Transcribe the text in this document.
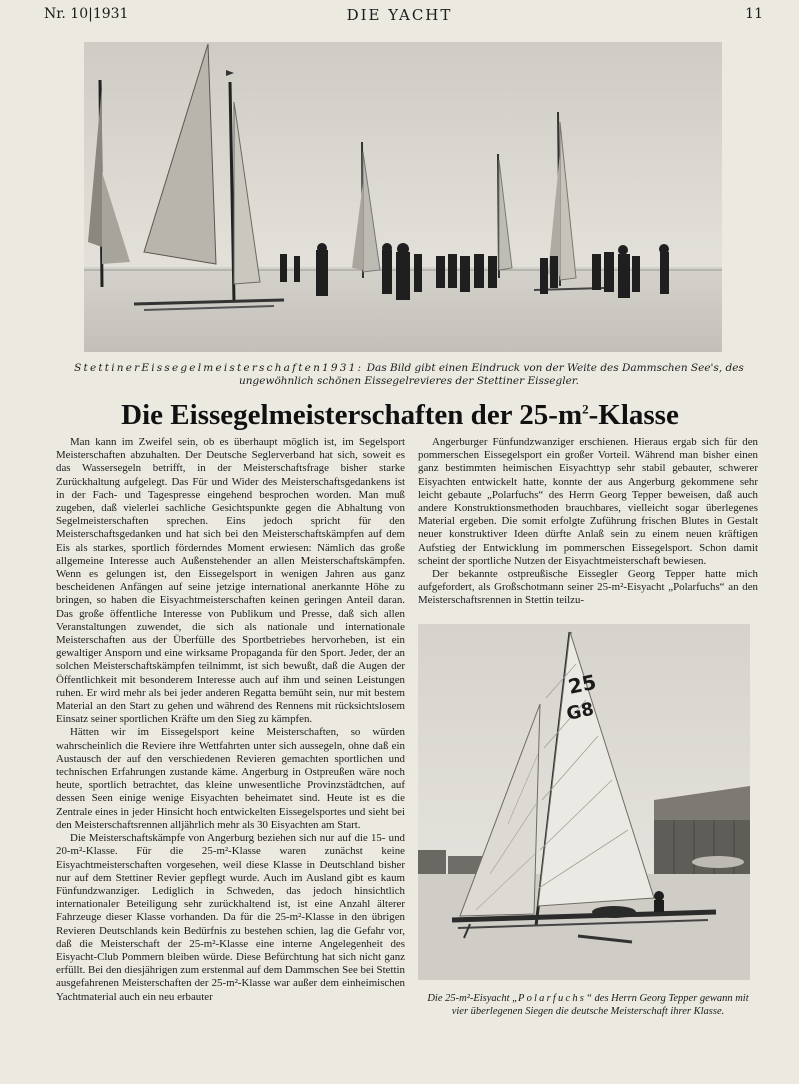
Nr. 10|1931	DIE YACHT	11
StettinerEissegelmeisterschaften1931: Das Bild gibt einen Eindruck von der Weite des Dammschen See's, des ungewöhnlich schönen Eissegelrevieres der Stettiner Eissegler.
Die Eissegelmeisterschaften der $25-m^2$-Klasse

Man kann im Zweifel sein, ob es überhaupt möglich ist, im Segelsport Meisterschaften abzuhalten. Der Deutsche Seglerverband hat sich, soweit es das Wassersegeln betrifft, in der Meisterschaftsfrage bisher starke Zurückhaltung aufgelegt. Das Für und Wider des Meisterschaftsgedankens ist in der Fach- und Tagespresse eingehend besprochen worden. Man muß zugeben, daß vielerlei sachliche Gesichtspunkte gegen die Abhaltung von Segelmeisterschaften sprechen. Eins jedoch spricht für den Meisterschaftsgedanken und hat sich bei den Meisterschaftskämpfen auf dem Eis als starkes, sportlich förderndes Moment erwiesen: Nämlich das große allgemeine Interesse auch Außenstehender an allen Meisterschaftskämpfen. Wenn es gelungen ist, den Eissegelsport in wenigen Jahren aus ganz bescheidenen Anfängen auf seine jetzige international anerkannte Höhe zu bringen, so haben die Eisyachtmeisterschaften keinen geringen Anteil daran. Das große öffentliche Interesse von Publikum und Presse, daß sich allen Veranstaltungen zuwendet, die sich als nationale und internationale Meisterschaften aus der Überfülle des Sportbetriebes hervorheben, ist ein gewaltiger Ansporn und eine wirksame Propaganda für den Sport. Jeder, der an solchen Meisterschaftskämpfen teilnimmt, ist sich bewußt, daß die Augen der Öffentlichkeit mit besonderem Interesse auch auf ihm und seinen Leistungen ruhen. Er wird mehr als bei jeder anderen Regatta bemüht sein, nur mit bestem Material an den Start zu gehen und während des Rennens mit rücksichtslosem Einsatz seiner sportlichen Kräfte um den Sieg zu kämpfen.

Hätten wir im Eissegelsport keine Meisterschaften, so würden wahrscheinlich die Reviere ihre Wettfahrten unter sich aussegeln, ohne daß ein Austausch der auf den verschiedenen Revieren gemachten sportlichen und technischen Erfahrungen zustande käme. Angerburg in Ostpreußen wäre noch heute, sportlich betrachtet, das kleine unwesentliche Provinzstädtchen, auf dessen Seen einige wenige Eisyachten beheimatet sind. Heute ist es die Zentrale eines in jeder Hinsicht hoch entwickelten Eissegelsportes und sieht bei den Meisterschaftsrennen alljährlich mehr als 30 Eisyachten am Start.

Die Meisterschaftskämpfe von Angerburg beziehen sich nur auf die 15- und 20-m²-Klasse. Für die 25-m²-Klasse waren zunächst keine Eisyachtmeisterschaften vorgesehen, weil diese Klasse in Deutschland bisher nur auf dem Stettiner Revier gepflegt wurde. Auch im Ausland gibt es kaum Fünfundzwanziger. Lediglich in Schweden, das jedoch hinsichtlich internationaler Beteiligung sehr zurückhaltend ist, ist eine Anzahl älterer Fahrzeuge dieser Klasse vorhanden. Da für die 25-m²-Klasse in den übrigen Revieren Deutschlands kein Bedürfnis zu bestehen schien, lag die Gefahr vor, daß die Meisterschaft der 25-m²-Klasse eine interne Angelegenheit des Eisyacht-Club Pommern bleiben würde. Diese Befürchtung hat sich nicht ganz erfüllt. Bei den diesjährigen zum erstenmal auf dem Dammschen See bei Stettin ausgefahrenen Meisterschaften der 25-m²-Klasse war außer dem einheimischen Yachtmaterial auch ein neu erbauter

Angerburger Fünfundzwanziger erschienen. Hieraus ergab sich für den pommerschen Eissegelsport ein großer Vorteil. Während man bisher einen ganz bestimmten heimischen Eisyachttyp sehr stabil gebauter, schwerer Eisyachten entwickelt hatte, konnte der aus Angerburg gekommene sehr leicht gebaute „Polarfuchs“ des Herrn Georg Tepper beweisen, daß auch andere Konstruktionsmethoden brauchbares, vielleicht sogar überlegenes Material ergeben. Die somit erfolgte Zuführung frischen Blutes in Gestalt neuer konstruktiver Ideen dürfte Anlaß sein zu einem neuen kräftigen Aufstieg der Entwicklung im pommerschen Eissegelsport. Schon damit scheint der sportliche Nutzen der Eisyachtmeisterschaft bewiesen.

Der bekannte ostpreußische Eissegler Georg Tepper hatte mich aufgefordert, als Großschotmann seiner 25-m²-Eisyacht „Polarfuchs“ an den Meisterschaftsrennen in Stettin teilzu-

25
G8
Die 25-m²-Eisyacht „Polarfuchs“ des Herrn Georg Tepper gewann mit vier überlegenen Siegen die deutsche Meisterschaft ihrer Klasse.
